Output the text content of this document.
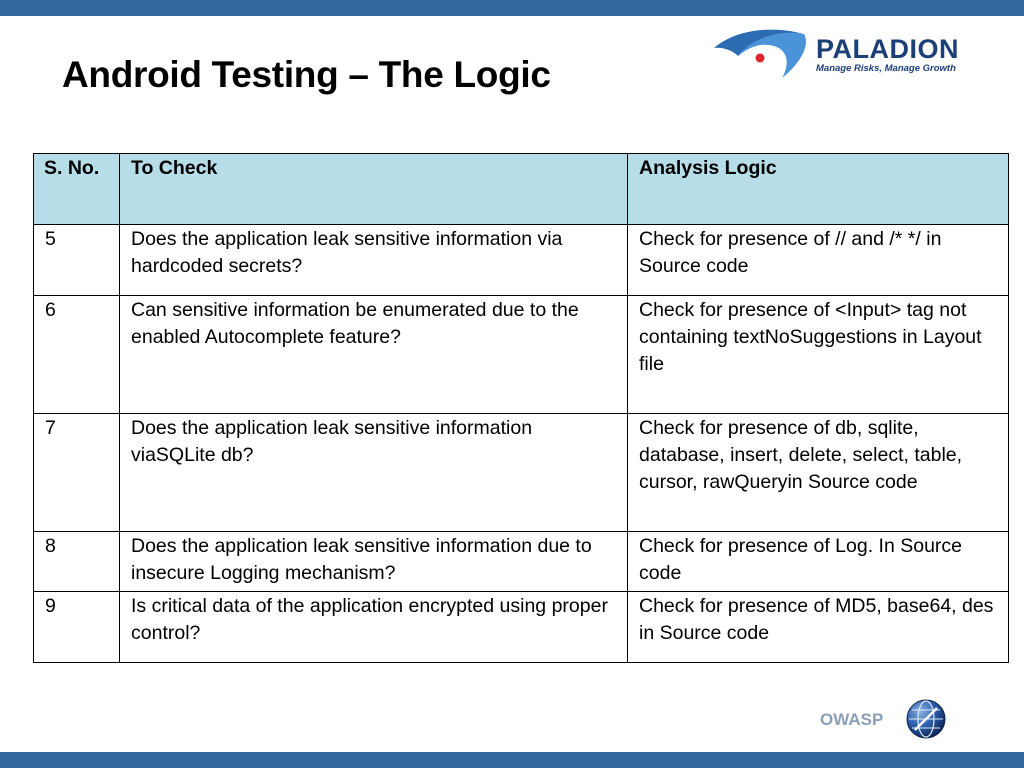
Android Testing – The Logic
PALADION
Manage Risks, Manage Growth
S. No.	To Check	Analysis Logic
5	Does the application leak sensitive information via hardcoded secrets?	Check for presence of // and /* */ in Source code
6	Can sensitive information be enumerated due to the enabled Autocomplete feature?	Check for presence of <Input> tag not containing textNoSuggestions in Layout file
7	Does the application leak sensitive information viaSQLite db?	Check for presence of db, sqlite, database, insert, delete, select, table, cursor, rawQueryin Source code
8	Does the application leak sensitive information due to insecure Logging mechanism?	Check for presence of Log. In Source code
9	Is critical data of the application encrypted using proper control?	Check for presence of MD5, base64, des in Source code
OWASP
